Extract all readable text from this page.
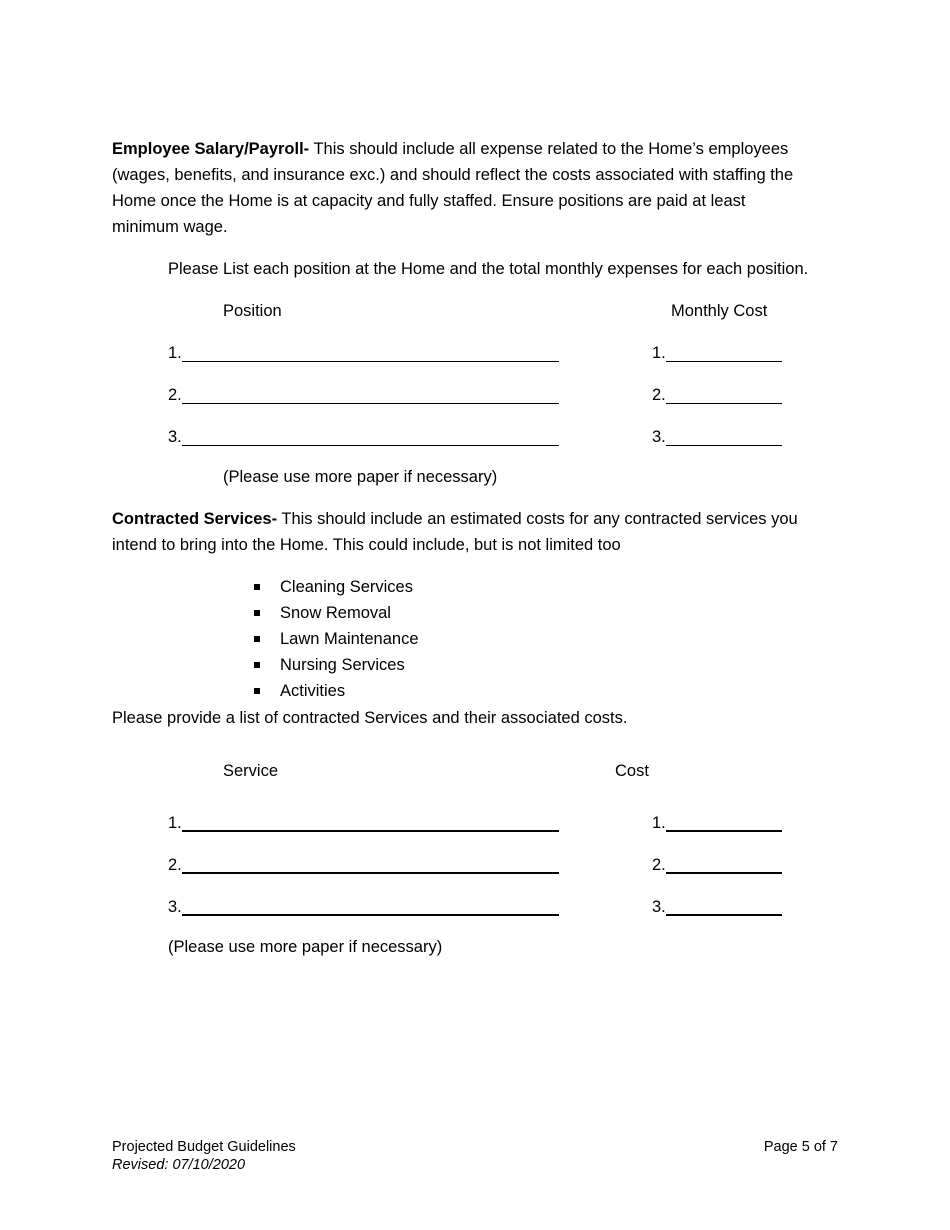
Employee Salary/Payroll- This should include all expense related to the Home’s employees
(wages, benefits, and insurance exc.) and should reflect the costs associated with staffing the
Home once the Home is at capacity and fully staffed. Ensure positions are paid at least
minimum wage.
Please List each position at the Home and the total monthly expenses for each position.
Position	Monthly Cost
1.	1.
2.	2.
3.	3.
(Please use more paper if necessary)
Contracted Services- This should include an estimated costs for any contracted services you
intend to bring into the Home. This could include, but is not limited too
Cleaning Services
Snow Removal
Lawn Maintenance
Nursing Services
Activities
Please provide a list of contracted Services and their associated costs.
Service	Cost
1.	1.
2.	2.
3.	3.
(Please use more paper if necessary)
Projected Budget Guidelines
Revised: 07/10/2020
Page 5 of 7
